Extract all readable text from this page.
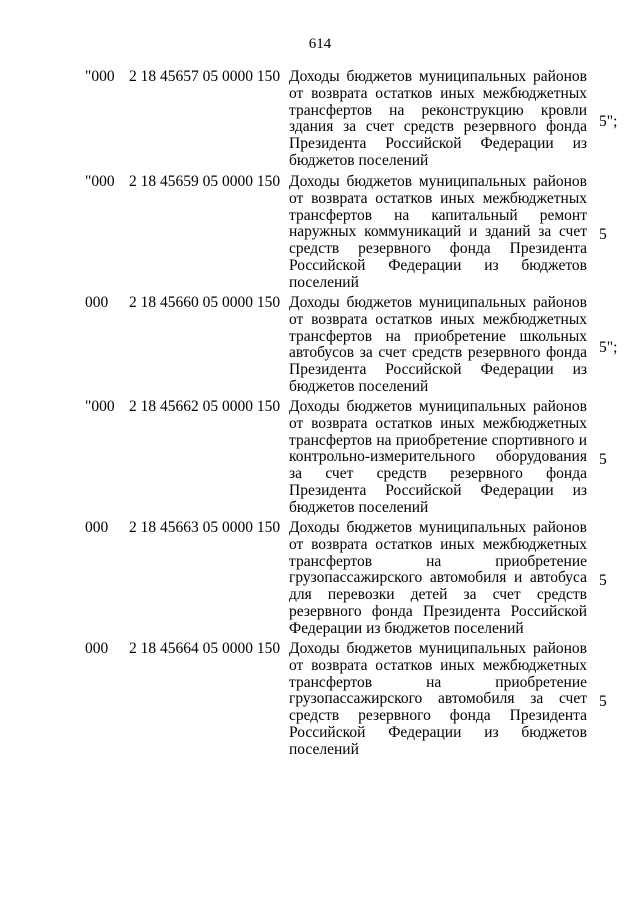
614
"000 2 18 45657 05 0000 150 Доходы бюджетов муниципальных районов от возврата остатков иных межбюджетных трансфертов на реконструкцию кровли здания за счет средств резервного фонда Президента Российской Федерации из бюджетов поселений
5";
"000 2 18 45659 05 0000 150 Доходы бюджетов муниципальных районов от возврата остатков иных межбюджетных трансфертов на капитальный ремонт наружных коммуникаций и зданий за счет средств резервного фонда Президента Российской Федерации из бюджетов поселений
5
000 2 18 45660 05 0000 150 Доходы бюджетов муниципальных районов от возврата остатков иных межбюджетных трансфертов на приобретение школьных автобусов за счет средств резервного фонда Президента Российской Федерации из бюджетов поселений
5";
"000 2 18 45662 05 0000 150 Доходы бюджетов муниципальных районов от возврата остатков иных межбюджетных трансфертов на приобретение спортивного и контрольно-измерительного оборудования за счет средств резервного фонда Президента Российской Федерации из бюджетов поселений
5
000 2 18 45663 05 0000 150 Доходы бюджетов муниципальных районов от возврата остатков иных межбюджетных трансфертов на приобретение грузопассажирского автомобиля и автобуса для перевозки детей за счет средств резервного фонда Президента Российской Федерации из бюджетов поселений
5
000 2 18 45664 05 0000 150 Доходы бюджетов муниципальных районов от возврата остатков иных межбюджетных трансфертов на приобретение грузопассажирского автомобиля за счет средств резервного фонда Президента Российской Федерации из бюджетов поселений
5
